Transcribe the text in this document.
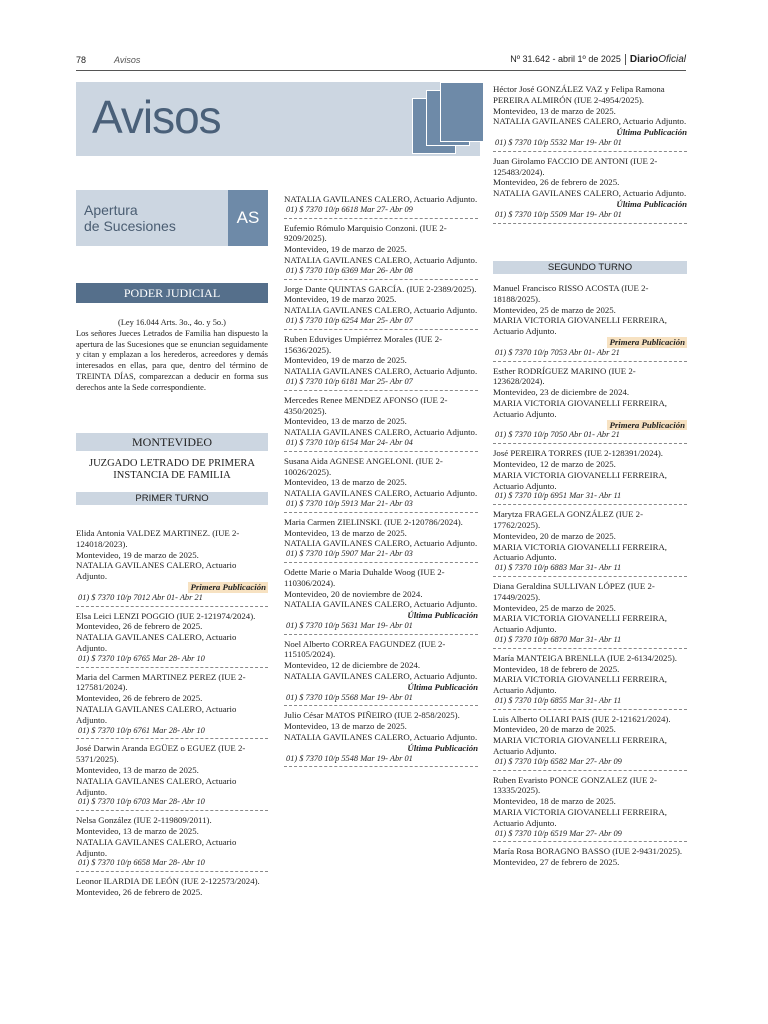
78	Avisos	Nº 31.642 - abril 1º de 2025 DiarioOficial
Avisos
Apertura
de Sucesiones	AS
PODER JUDICIAL
(Ley 16.044 Arts. 3o., 4o. y 5o.)
Los señores Jueces Letrados de Familia han dispuesto la apertura de las Sucesiones que se enuncian seguidamente y citan y emplazan a los herederos, acreedores y demás interesados en ellas, para que, dentro del término de TREINTA DÍAS, comparezcan a deducir en forma sus derechos ante la Sede correspondiente.
MONTEVIDEO
JUZGADO LETRADO DE PRIMERA
INSTANCIA DE FAMILIA
PRIMER TURNO

Elida Antonia VALDEZ MARTINEZ. (IUE 2-124018/2023).

Montevideo, 19 de marzo de 2025.

NATALIA GAVILANES CALERO, Actuario Adjunto.

Primera Publicación
01) $ 7370 10/p 7012 Abr 01- Abr 21

Elsa Leici LENZI POGGIO (IUE 2-121974/2024).

Montevideo, 26 de febrero de 2025.

NATALIA GAVILANES CALERO, Actuario Adjunto.

01) $ 7370 10/p 6765 Mar 28- Abr 10

Maria del Carmen MARTINEZ PEREZ (IUE 2-127581/2024).

Montevideo, 26 de febrero de 2025.

NATALIA GAVILANES CALERO, Actuario Adjunto.

01) $ 7370 10/p 6761 Mar 28- Abr 10

José Darwin Aranda EGÜEZ o EGUEZ (IUE 2-5371/2025).

Montevideo, 13 de marzo de 2025.

NATALIA GAVILANES CALERO, Actuario Adjunto.

01) $ 7370 10/p 6703 Mar 28- Abr 10

Nelsa González (IUE 2-119809/2011).

Montevideo, 13 de marzo de 2025.

NATALIA GAVILANES CALERO, Actuario Adjunto.

01) $ 7370 10/p 6658 Mar 28- Abr 10

Leonor ILARDIA DE LEÓN (IUE 2-122573/2024).

Montevideo, 26 de febrero de 2025.

NATALIA GAVILANES CALERO, Actuario Adjunto.

01) $ 7370 10/p 6618 Mar 27- Abr 09

Eufemio Rómulo Marquisio Conzoni. (IUE 2-9209/2025).

Montevideo, 19 de marzo de 2025.

NATALIA GAVILANES CALERO, Actuario Adjunto.

01) $ 7370 10/p 6369 Mar 26- Abr 08

Jorge Dante QUINTAS GARCÍA. (IUE 2-2389/2025).

Montevideo, 19 de marzo 2025.

NATALIA GAVILANES CALERO, Actuario Adjunto.

01) $ 7370 10/p 6254 Mar 25- Abr 07

Ruben Eduviges Umpiérrez Morales (IUE 2-15636/2025).

Montevideo, 19 de marzo de 2025.

NATALIA GAVILANES CALERO, Actuario Adjunto.

01) $ 7370 10/p 6181 Mar 25- Abr 07

Mercedes Renee MENDEZ AFONSO (IUE 2-4350/2025).

Montevideo, 13 de marzo de 2025.

NATALIA GAVILANES CALERO, Actuario Adjunto.

01) $ 7370 10/p 6154 Mar 24- Abr 04

Susana Aida AGNESE ANGELONI. (IUE 2-10026/2025).

Montevideo, 13 de marzo de 2025.

NATALIA GAVILANES CALERO, Actuario Adjunto.

01) $ 7370 10/p 5913 Mar 21- Abr 03

Maria Carmen ZIELINSKI. (IUE 2-120786/2024).

Montevideo, 13 de marzo de 2025.

NATALIA GAVILANES CALERO, Actuario Adjunto.

01) $ 7370 10/p 5907 Mar 21- Abr 03

Odette Marie o Maria Duhalde Woog (IUE 2-110306/2024).

Montevideo, 20 de noviembre de 2024.

NATALIA GAVILANES CALERO, Actuario Adjunto.

Última Publicación
01) $ 7370 10/p 5631 Mar 19- Abr 01

Noel Alberto CORREA FAGUNDEZ (IUE 2-115105/2024).

Montevideo, 12 de diciembre de 2024.

NATALIA GAVILANES CALERO, Actuario Adjunto.

Última Publicación
01) $ 7370 10/p 5568 Mar 19- Abr 01

Julio César MATOS PIÑEIRO (IUE 2-858/2025).

Montevideo, 13 de marzo de 2025.

NATALIA GAVILANES CALERO, Actuario Adjunto.

Última Publicación
01) $ 7370 10/p 5548 Mar 19- Abr 01

Héctor José GONZÁLEZ VAZ y Felipa Ramona PEREIRA ALMIRÓN (IUE 2-4954/2025).

Montevideo, 13 de marzo de 2025.

NATALIA GAVILANES CALERO, Actuario Adjunto.

Última Publicación
01) $ 7370 10/p 5532 Mar 19- Abr 01

Juan Girolamo FACCIO DE ANTONI (IUE 2-125483/2024).

Montevideo, 26 de febrero de 2025.

NATALIA GAVILANES CALERO, Actuario Adjunto.

Última Publicación
01) $ 7370 10/p 5509 Mar 19- Abr 01
SEGUNDO TURNO

Manuel Francisco RISSO ACOSTA (IUE 2-18188/2025).

Montevideo, 25 de marzo de 2025.

MARIA VICTORIA GIOVANELLI FERREIRA, Actuario Adjunto.

Primera Publicación
01) $ 7370 10/p 7053 Abr 01- Abr 21

Esther RODRÍGUEZ MARINO (IUE 2-123628/2024).

Montevideo, 23 de diciembre de 2024.

MARIA VICTORIA GIOVANELLI FERREIRA, Actuario Adjunto.

Primera Publicación
01) $ 7370 10/p 7050 Abr 01- Abr 21

José PEREIRA TORRES (IUE 2-128391/2024).

Montevideo, 12 de marzo de 2025.

MARIA VICTORIA GIOVANELLI FERREIRA, Actuario Adjunto.

01) $ 7370 10/p 6951 Mar 31- Abr 11

Marytza FRAGELA GONZÁLEZ (IUE 2-17762/2025).

Montevideo, 20 de marzo de 2025.

MARIA VICTORIA GIOVANELLI FERREIRA, Actuario Adjunto.

01) $ 7370 10/p 6883 Mar 31- Abr 11

Diana Geraldina SULLIVAN LÓPEZ (IUE 2-17449/2025).

Montevideo, 25 de marzo de 2025.

MARIA VICTORIA GIOVANELLI FERREIRA, Actuario Adjunto.

01) $ 7370 10/p 6870 Mar 31- Abr 11

María MANTEIGA BRENLLA (IUE 2-6134/2025).

Montevideo, 18 de febrero de 2025.

MARIA VICTORIA GIOVANELLI FERREIRA, Actuario Adjunto.

01) $ 7370 10/p 6855 Mar 31- Abr 11

Luis Alberto OLIARI PAIS (IUE 2-121621/2024).

Montevideo, 20 de marzo de 2025.

MARIA VICTORIA GIOVANELLI FERREIRA, Actuario Adjunto.

01) $ 7370 10/p 6582 Mar 27- Abr 09

Ruben Evaristo PONCE GONZALEZ (IUE 2-13335/2025).

Montevideo, 18 de marzo de 2025.

MARIA VICTORIA GIOVANELLI FERREIRA, Actuario Adjunto.

01) $ 7370 10/p 6519 Mar 27- Abr 09

María Rosa BORAGNO BASSO (IUE 2-9431/2025).

Montevideo, 27 de febrero de 2025.
